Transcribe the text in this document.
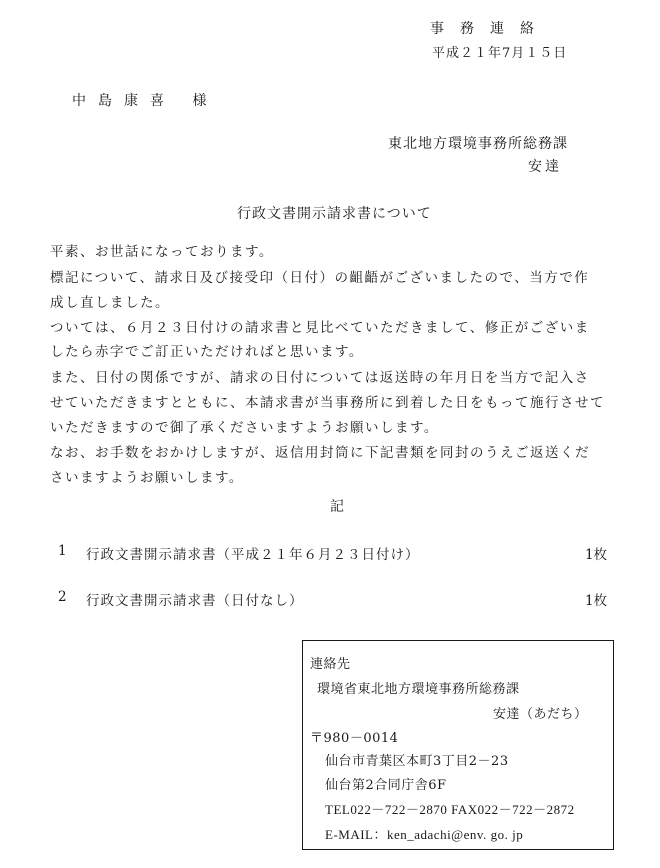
事務連絡
平成２１年7月１５日
中島康喜 様
東北地方環境事務所総務課
安達
行政文書開示請求書について
平素、お世話になっております。
標記について、請求日及び接受印（日付）の齟齬がございましたので、当方で作
成し直しました。
ついては、６月２３日付けの請求書と見比べていただきまして、修正がございま
したら赤字でご訂正いただければと思います。
また、日付の関係ですが、請求の日付については返送時の年月日を当方で記入さ
せていただきますとともに、本請求書が当事務所に到着した日をもって施行させて
いただきますので御了承くださいますようお願いします。
なお、お手数をおかけしますが、返信用封筒に下記書類を同封のうえご返送くだ
さいますようお願いします。
記
1 行政文書開示請求書（平成２１年６月２３日付け）	1枚
2 行政文書開示請求書（日付なし）	1枚
連絡先
環境省東北地方環境事務所総務課
安達（あだち）
〒980－0014
仙台市青葉区本町3丁目2－23
仙台第2合同庁舎6F
TEL022－722－2870 FAX022－722－2872
E-MAIL：ken_adachi@env. go. jp
